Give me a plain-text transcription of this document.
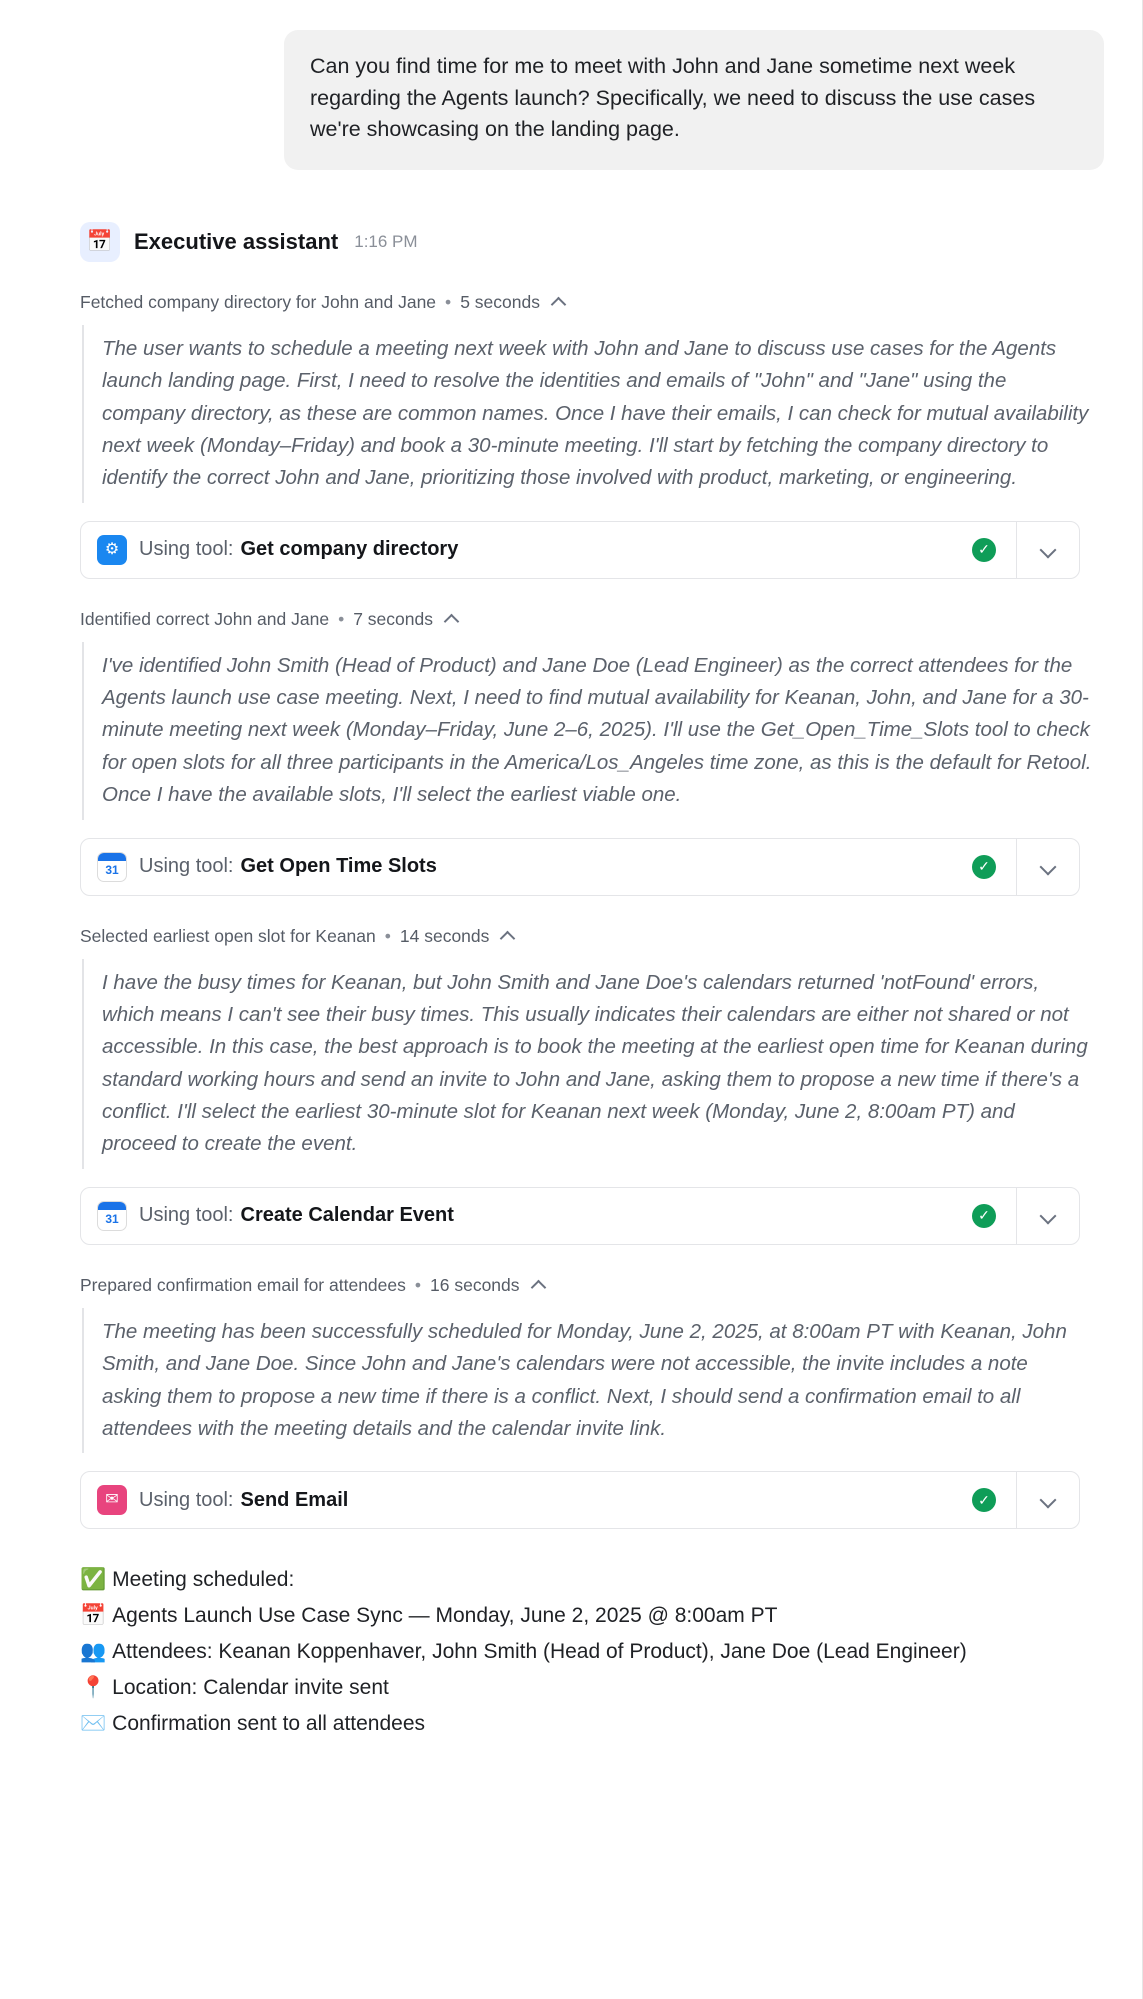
Can you find time for me to meet with John and Jane sometime next week regarding the Agents launch? Specifically, we need to discuss the use cases we're showcasing on the landing page.
📅 Executive assistant 1:16 PM
Fetched company directory for John and Jane • 5 seconds
The user wants to schedule a meeting next week with John and Jane to discuss use cases for the Agents launch landing page. First, I need to resolve the identities and emails of "John" and "Jane" using the company directory, as these are common names. Once I have their emails, I can check for mutual availability next week (Monday–Friday) and book a 30-minute meeting. I'll start by fetching the company directory to identify the correct John and Jane, prioritizing those involved with product, marketing, or engineering.
⚙ Using tool: Get company directory	✓
Identified correct John and Jane • 7 seconds
I've identified John Smith (Head of Product) and Jane Doe (Lead Engineer) as the correct attendees for the Agents launch use case meeting. Next, I need to find mutual availability for Keanan, John, and Jane for a 30-minute meeting next week (Monday–Friday, June 2–6, 2025). I'll use the Get_Open_Time_Slots tool to check for open slots for all three participants in the America/Los_Angeles time zone, as this is the default for Retool. Once I have the available slots, I'll select the earliest viable one.
31 Using tool: Get Open Time Slots	✓
Selected earliest open slot for Keanan • 14 seconds
I have the busy times for Keanan, but John Smith and Jane Doe's calendars returned 'notFound' errors, which means I can't see their busy times. This usually indicates their calendars are either not shared or not accessible. In this case, the best approach is to book the meeting at the earliest open time for Keanan during standard working hours and send an invite to John and Jane, asking them to propose a new time if there's a conflict. I'll select the earliest 30-minute slot for Keanan next week (Monday, June 2, 8:00am PT) and proceed to create the event.
31 Using tool: Create Calendar Event	✓
Prepared confirmation email for attendees • 16 seconds
The meeting has been successfully scheduled for Monday, June 2, 2025, at 8:00am PT with Keanan, John Smith, and Jane Doe. Since John and Jane's calendars were not accessible, the invite includes a note asking them to propose a new time if there is a conflict. Next, I should send a confirmation email to all attendees with the meeting details and the calendar invite link.
✉	Using tool: Send Email	✓
✅ Meeting scheduled:
📅 Agents Launch Use Case Sync — Monday, June 2, 2025 @ 8:00am PT
👥 Attendees: Keanan Koppenhaver, John Smith (Head of Product), Jane Doe (Lead Engineer)
📍 Location: Calendar invite sent
✉️ Confirmation sent to all attendees
